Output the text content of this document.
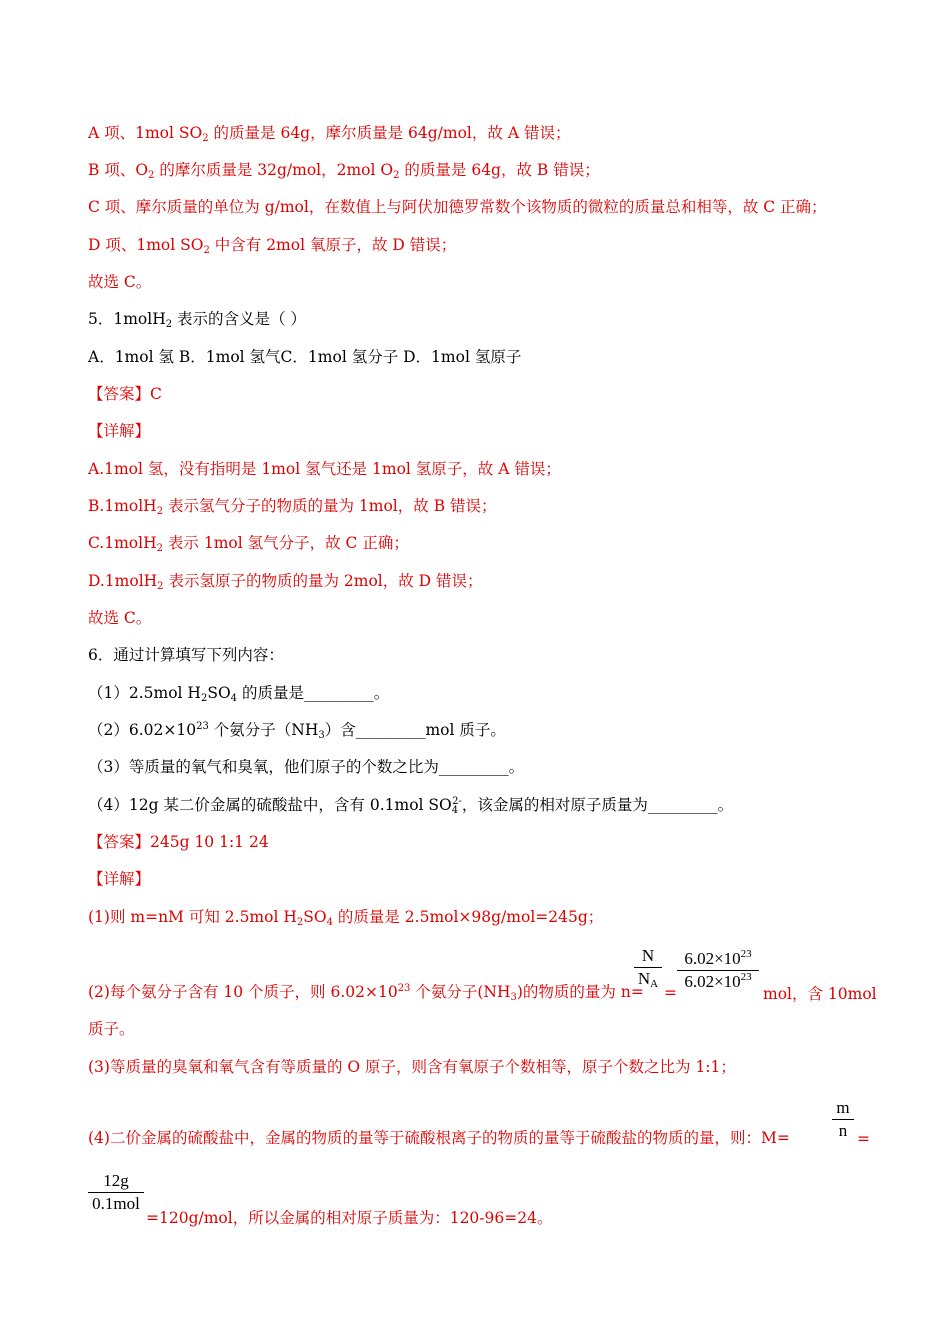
A 项、1mol $SO_2$ 的质量是 64g，摩尔质量是 64g/mol，故 A 错误；
B 项、$O_2$ 的摩尔质量是 32g/mol，2mol $O_2$ 的质量是 64g，故 B 错误；
C 项、摩尔质量的单位为 g/mol，在数值上与阿伏加德罗常数个该物质的微粒的质量总和相等，故 C 正确；
D 项、1mol $SO_2$ 中含有 2mol 氧原子，故 D 错误；
故选 C。
5．1molH$_2$ 表示的含义是（ ）
A．1mol 氢 B．1mol 氢气C．1mol 氢分子 D．1mol 氢原子
【答案】C
【详解】
A.1mol 氢，没有指明是 1mol 氢气还是 1mol 氢原子，故 A 错误；
B.1molH$_2$ 表示氢气分子的物质的量为 1mol，故 B 错误；
C.1molH$_2$ 表示 1mol 氢气分子，故 C 正确；
D.1molH$_2$ 表示氢原子的物质的量为 2mol，故 D 错误；
故选 C。
6．通过计算填写下列内容：
（1）2.5mol $H_2SO_4$ 的质量是_________。
$(2)6.02\times 10^{23}$ 个氨分子$(NH_3)$含_________mol 质子。
（3）等质量的氧气和臭氧，他们原子的个数之比为_________。
（4）12g 某二价金属的硫酸盐中，含有 0.1mol $SO_4^{2-}$，该金属的相对原子质量为_________。
【答案】245g 10 1:1 24
【详解】
(1)则 m=nM 可知 2.5mol $H_2SO_4$ 的质量是 2.5mol×98g/mol=245g；
(2)每个氨分子含有 10 个质子，则 $6.02\times 10^{23}$ 个氨分子$(NH_3)$的物质的量为 n=
N
$N_A$ =
$6.02\times 10^{23}$
$6.02\times 10^{23}$
mol，含 10mol
质子。
(3)等质量的臭氧和氧气含有等质量的 O 原子，则含有氧原子个数相等，原子个数之比为 1:1；
(4)二价金属的硫酸盐中，金属的物质的量等于硫酸根离子的物质的量等于硫酸盐的物质的量，则：M=
m
n =
12g
0.1mol
=120g/mol，所以金属的相对原子质量为：120-96=24。
